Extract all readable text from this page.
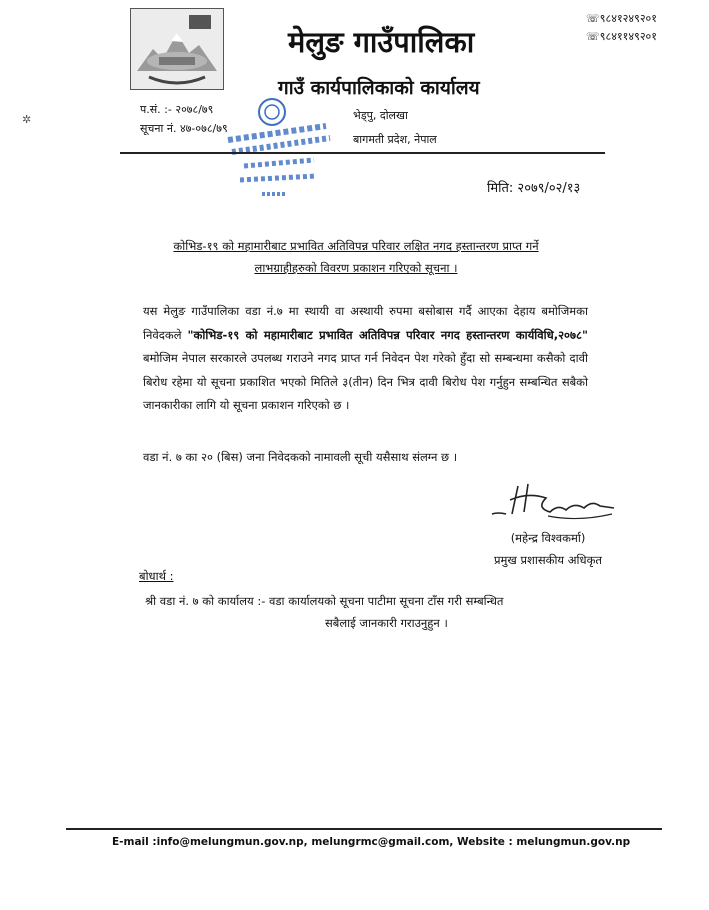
☏९८४१२४९२०१
☏९८४११४९२०१
मेलुङ गाउँपालिका
गाउँ कार्यपालिकाको कार्यालय
प.सं. :- २०७८/७९
सूचना नं. ४७-०७८/७९
भेड्पु, दोलखा
बागमती प्रदेश, नेपाल
मिति: २०७९/०२/१३
कोभिड-१९ को महामारीबाट प्रभावित अतिविपन्न परिवार लक्षित नगद हस्तान्तरण प्राप्त गर्ने
लाभग्राहीहरुको विवरण प्रकाशन गरिएको सूचना ।
यस मेलुङ गाउँपालिका वडा नं.७ मा स्थायी वा अस्थायी रुपमा बसोबास गर्दै आएका देहाय बमोजिमका निवेदकले "कोभिड-१९ को महामारीबाट प्रभावित अतिविपन्न परिवार नगद हस्तान्तरण कार्यविधि,२०७८" बमोजिम नेपाल सरकारले उपलब्ध गराउने नगद प्राप्त गर्न निवेदन पेश गरेको हुँदा सो सम्बन्धमा कसैको दावी बिरोध रहेमा यो सूचना प्रकाशित भएको मितिले ३(तीन) दिन भित्र दावी बिरोध पेश गर्नुहुन सम्बन्धित सबैको जानकारीका लागि यो सूचना प्रकाशन गरिएको छ ।
वडा नं. ७ का २० (बिस) जना निवेदकको नामावली सूची यसैसाथ संलग्न छ ।
(महेन्द्र विश्वकर्मा)
प्रमुख प्रशासकीय अधिकृत
बोधार्थ :
श्री वडा नं. ७ को कार्यालय :- वडा कार्यालयको सूचना पाटीमा सूचना टाँस गरी सम्बन्धित
सबैलाई जानकारी गराउनुहुन ।
✲
E-mail :info@melungmun.gov.np, melungrmc@gmail.com, Website : melungmun.gov.np
